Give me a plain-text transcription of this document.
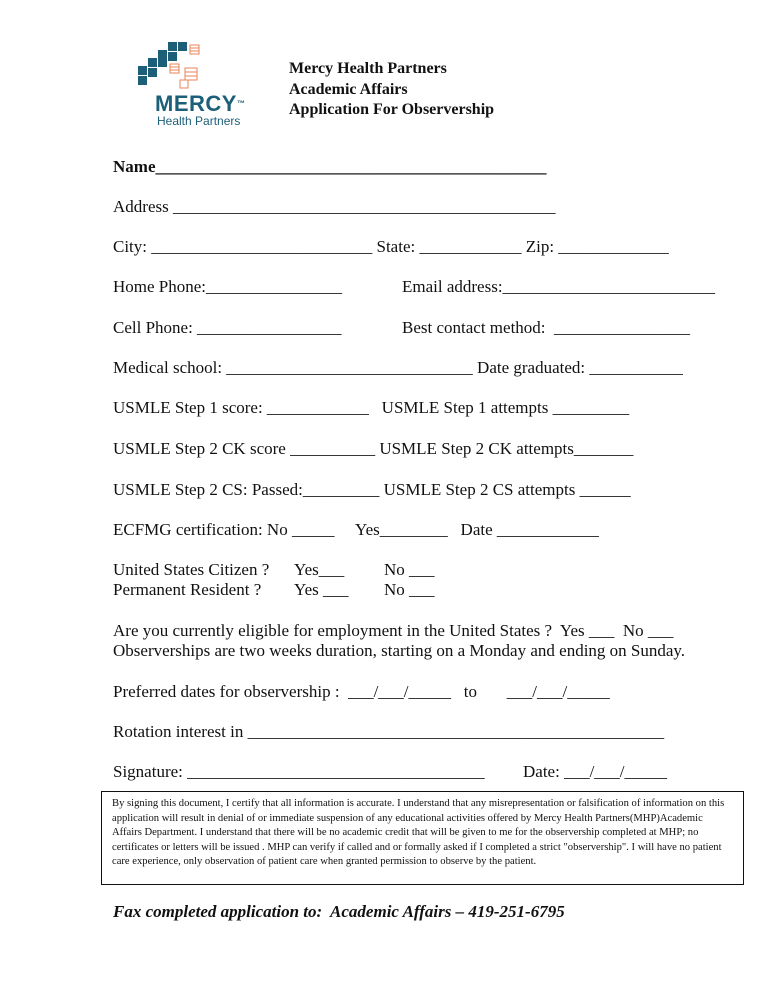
MERCY™
Health Partners
Mercy Health Partners
Academic Affairs
Application For Observership
Name______________________________________________
Address _____________________________________________
City: __________________________ State: ____________ Zip: _____________
Home Phone:________________	Email address:_________________________
Cell Phone: _________________	Best contact method:  ________________
Medical school: _____________________________ Date graduated: ___________
USMLE Step 1 score: ____________   USMLE Step 1 attempts _________
USMLE Step 2 CK score __________ USMLE Step 2 CK attempts_______
USMLE Step 2 CS: Passed:_________ USMLE Step 2 CS attempts ______
ECFMG certification: No _____     Yes________   Date ____________
United States Citizen ? Yes___ No ___
Permanent Resident ? Yes ___ No ___
Are you currently eligible for employment in the United States ?  Yes ___  No ___
Observerships are two weeks duration, starting on a Monday and ending on Sunday.
Preferred dates for observership :  ___/___/_____   to       ___/___/_____
Rotation interest in _________________________________________________
Signature: ___________________________________ Date: ___/___/_____
By signing this document, I certify that all information is accurate. I understand that any misrepresentation or falsification of information on this application will result in denial of or immediate suspension of any educational activities offered by Mercy Health Partners(MHP)Academic Affairs Department. I understand that there will be no academic credit that will be given to me for the observership completed at MHP; no certificates or letters will be issued . MHP can verify if called and or formally asked if I completed a strict "observership". I will have no patient care experience, only observation of patient care when granted permission to observe by the patient.
Fax completed application to:  Academic Affairs – 419-251-6795
